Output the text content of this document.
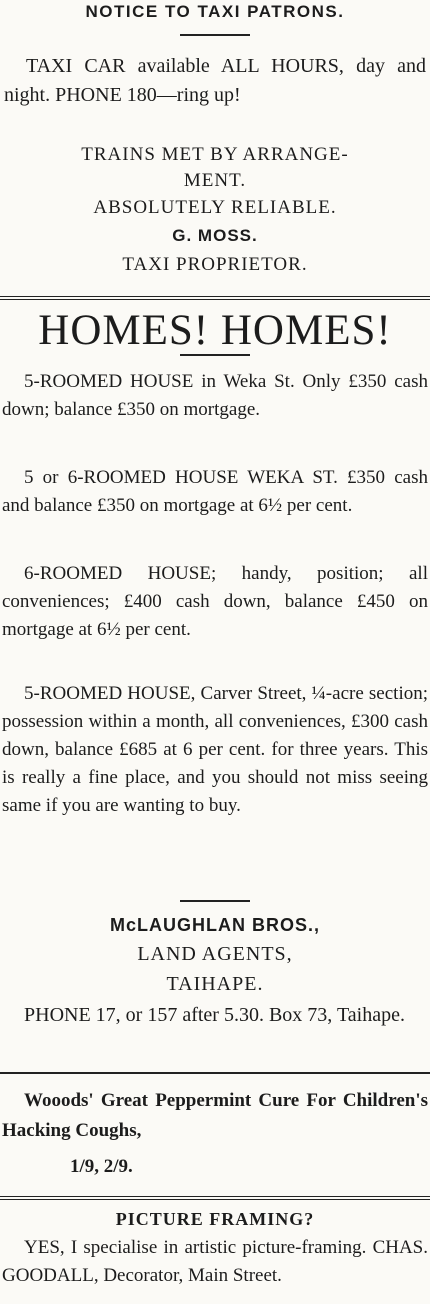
NOTICE TO TAXI PATRONS.

TAXI CAR available ALL HOURS, day and night. PHONE 180—ring up!

TRAINS MET BY ARRANGE-
MENT.
ABSOLUTELY RELIABLE.
G. MOSS.
TAXI PROPRIETOR.
HOMES! HOMES!

5-ROOMED HOUSE in Weka St. Only £350 cash down; balance £350 on mortgage.

5 or 6-ROOMED HOUSE WEKA ST. £350 cash and balance £350 on mortgage at 6½ per cent.

6-ROOMED HOUSE; handy, position; all conveniences; £400 cash down, balance £450 on mortgage at 6½ per cent.

5-ROOMED HOUSE, Carver Street, ¼-acre section; possession within a month, all conveniences, £300 cash down, balance £685 at 6 per cent. for three years. This is really a fine place, and you should not miss seeing same if you are wanting to buy.

McLAUGHLAN BROS.,
LAND AGENTS,
TAIHAPE.

PHONE 17, or 157 after 5.30. Box 73, Taihape.

Wooods' Great Peppermint Cure For Children's Hacking Coughs,

1/9, 2/9.
PICTURE FRAMING?

YES, I specialise in artistic picture-framing. CHAS. GOODALL, Decorator, Main Street.
